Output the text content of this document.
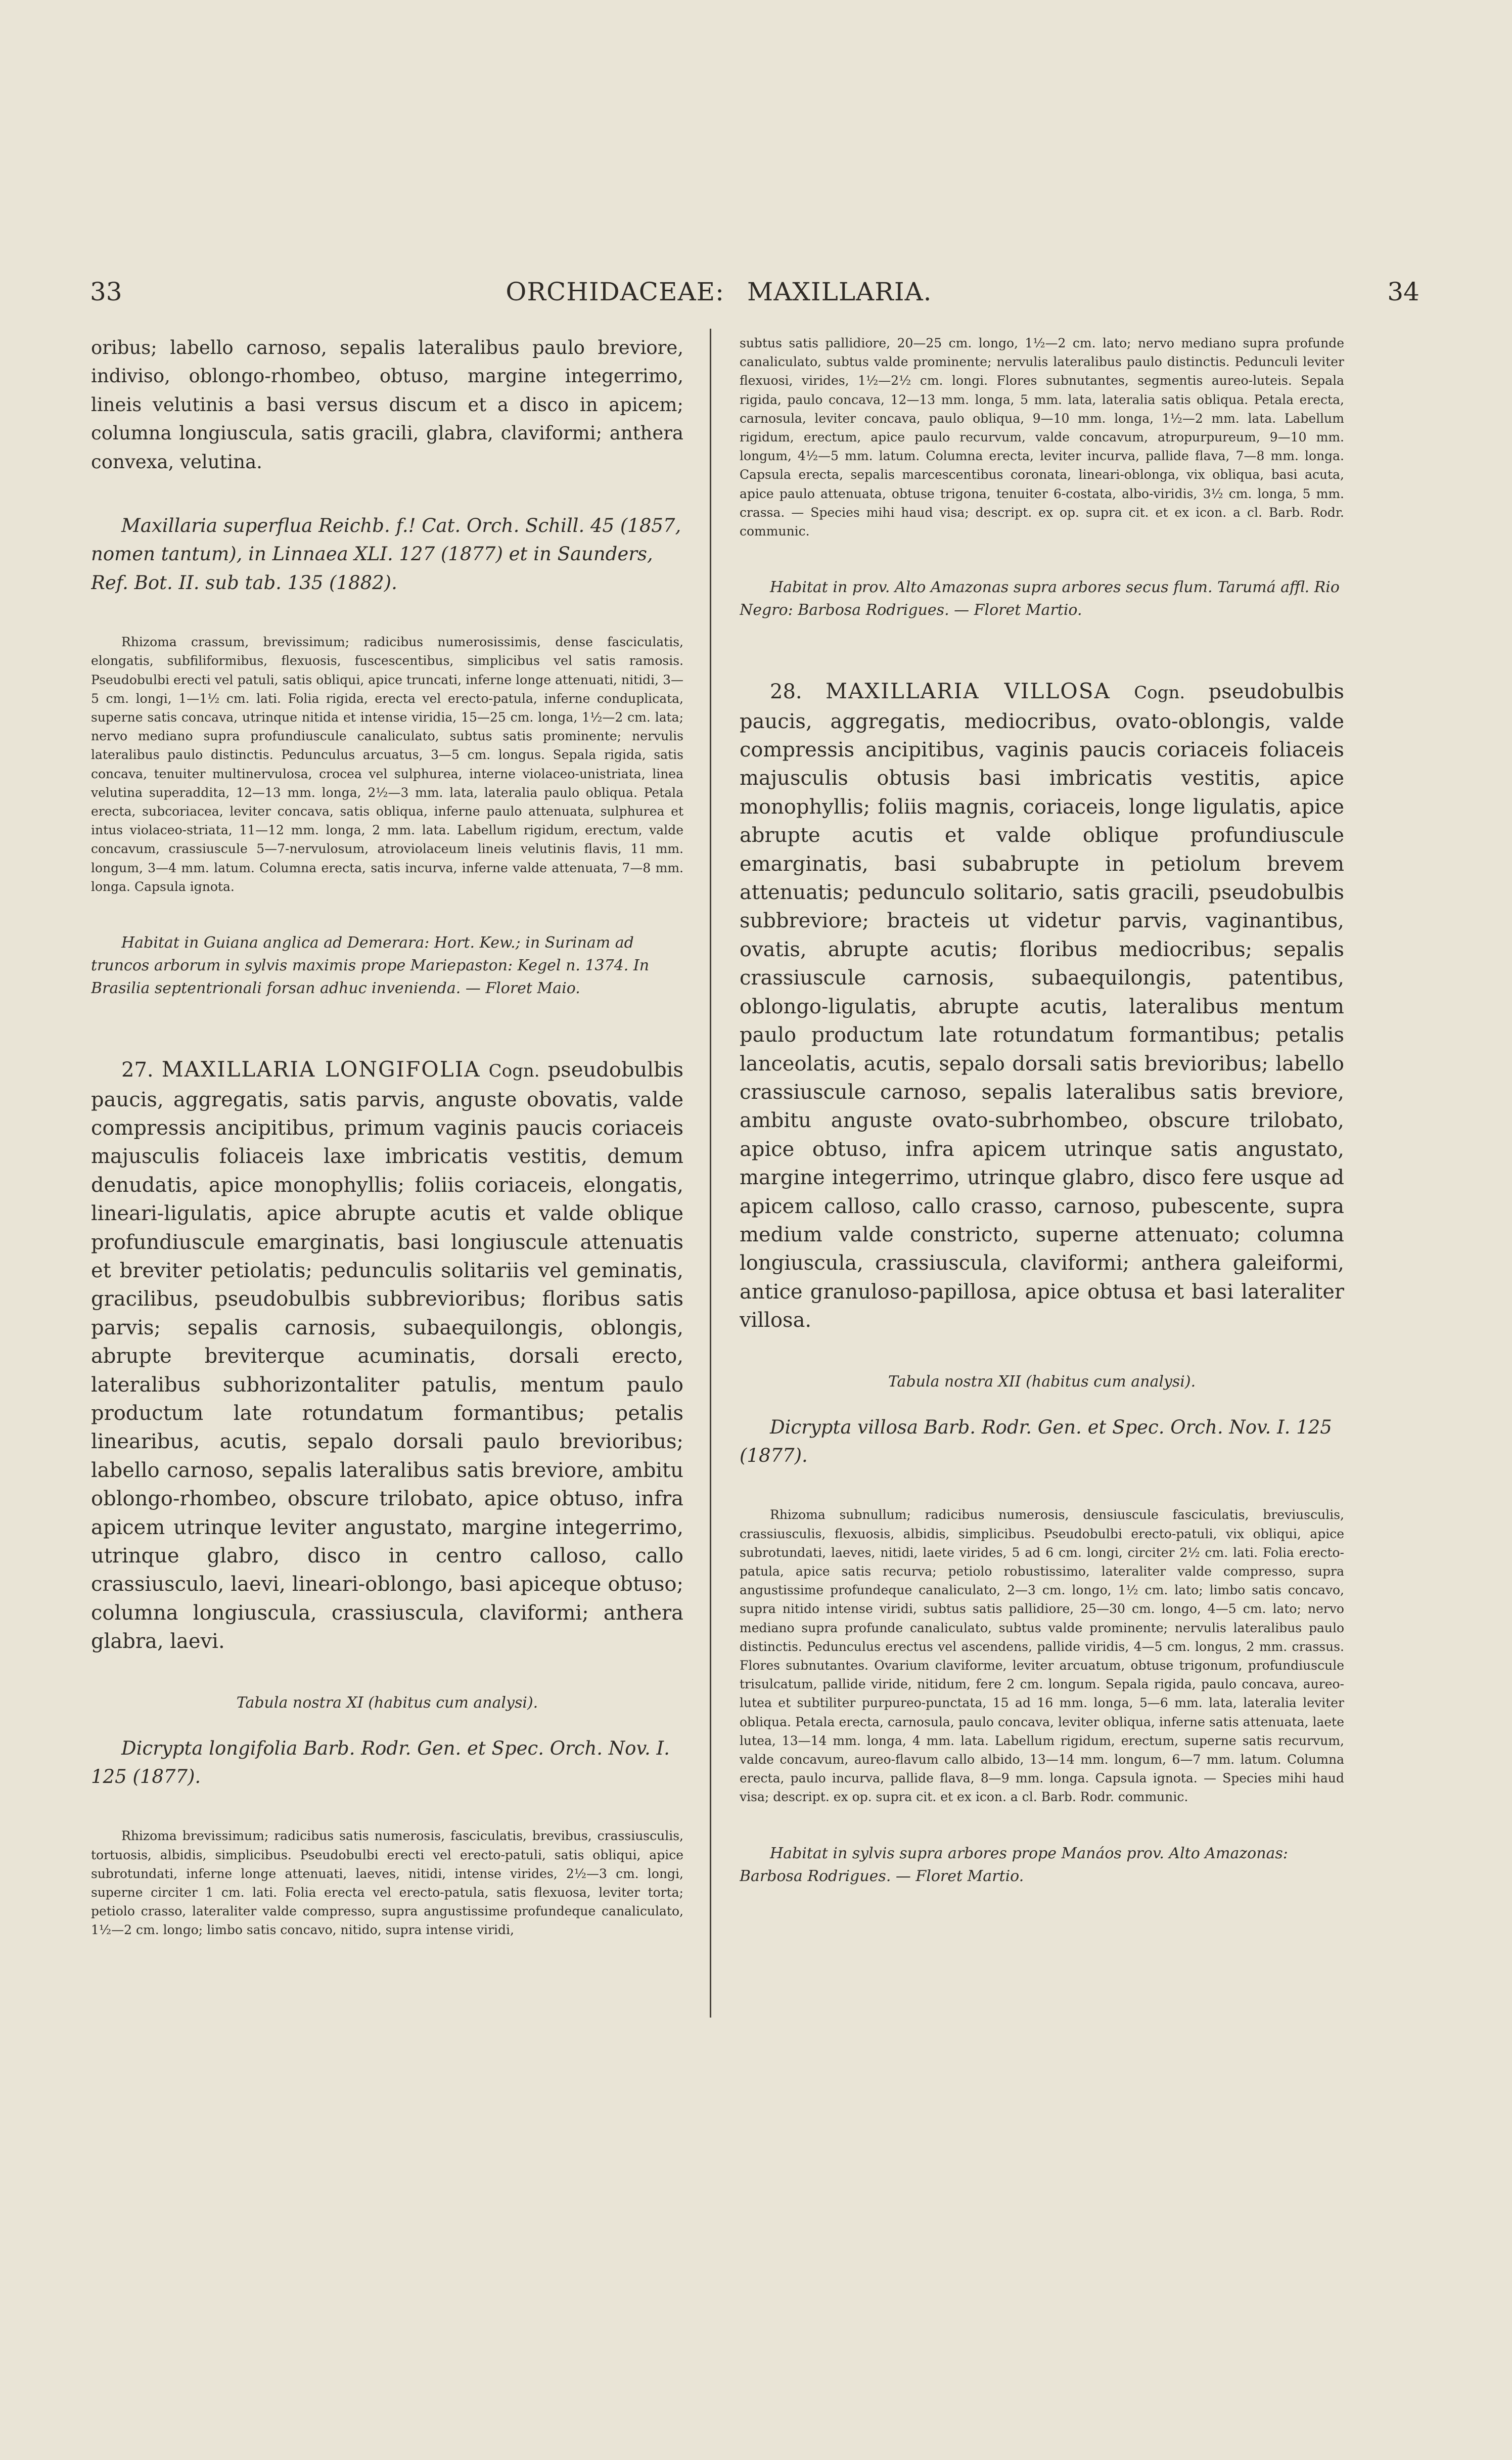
33	ORCHIDACEAE: MAXILLARIA.	34

oribus; labello carnoso, sepalis lateralibus paulo breviore, indiviso, oblongo-rhombeo, obtuso, margine integerrimo, lineis velutinis a basi versus discum et a disco in apicem; columna longiuscula, satis gracili, glabra, claviformi; anthera convexa, velutina.

Maxillaria superflua Reichb. f.! Cat. Orch. Schill. 45 (1857, nomen tantum), in Linnaea XLI. 127 (1877) et in Saunders, Ref. Bot. II. sub tab. 135 (1882).

Rhizoma crassum, brevissimum; radicibus numerosissimis, dense fasciculatis, elongatis, subfiliformibus, flexuosis, fuscescentibus, simplicibus vel satis ramosis. Pseudobulbi erecti vel patuli, satis obliqui, apice truncati, inferne longe attenuati, nitidi, 3—5 cm. longi, 1—1½ cm. lati. Folia rigida, erecta vel erecto-patula, inferne conduplicata, superne satis concava, utrinque nitida et intense viridia, 15—25 cm. longa, 1½—2 cm. lata; nervo mediano supra profundiuscule canaliculato, subtus satis prominente; nervulis lateralibus paulo distinctis. Pedunculus arcuatus, 3—5 cm. longus. Sepala rigida, satis concava, tenuiter multinervulosa, crocea vel sulphurea, interne violaceo-unistriata, linea velutina superaddita, 12—13 mm. longa, 2½—3 mm. lata, lateralia paulo obliqua. Petala erecta, subcoriacea, leviter concava, satis obliqua, inferne paulo attenuata, sulphurea et intus violaceo-striata, 11—12 mm. longa, 2 mm. lata. Labellum rigidum, erectum, valde concavum, crassiuscule 5—7-nervulosum, atroviolaceum lineis velutinis flavis, 11 mm. longum, 3—4 mm. latum. Columna erecta, satis incurva, inferne valde attenuata, 7—8 mm. longa. Capsula ignota.

Habitat in Guiana anglica ad Demerara: Hort. Kew.; in Surinam ad truncos arborum in sylvis maximis prope Mariepaston: Kegel n. 1374. In Brasilia septentrionali forsan adhuc invenienda. — Floret Maio.

27. MAXILLARIA LONGIFOLIA Cogn. pseudobulbis paucis, aggregatis, satis parvis, anguste obovatis, valde compressis ancipitibus, primum vaginis paucis coriaceis majusculis foliaceis laxe imbricatis vestitis, demum denudatis, apice monophyllis; foliis coriaceis, elongatis, lineari-ligulatis, apice abrupte acutis et valde oblique profundiuscule emarginatis, basi longiuscule attenuatis et breviter petiolatis; pedunculis solitariis vel geminatis, gracilibus, pseudobulbis subbrevioribus; floribus satis parvis; sepalis carnosis, subaequilongis, oblongis, abrupte breviterque acuminatis, dorsali erecto, lateralibus subhorizontaliter patulis, mentum paulo productum late rotundatum formantibus; petalis linearibus, acutis, sepalo dorsali paulo brevioribus; labello carnoso, sepalis lateralibus satis breviore, ambitu oblongo-rhombeo, obscure trilobato, apice obtuso, infra apicem utrinque leviter angustato, margine integerrimo, utrinque glabro, disco in centro calloso, callo crassiusculo, laevi, lineari-oblongo, basi apiceque obtuso; columna longiuscula, crassiuscula, claviformi; anthera glabra, laevi.

Tabula nostra XI (habitus cum analysi).

Dicrypta longifolia Barb. Rodr. Gen. et Spec. Orch. Nov. I. 125 (1877).

Rhizoma brevissimum; radicibus satis numerosis, fasciculatis, brevibus, crassiusculis, tortuosis, albidis, simplicibus. Pseudobulbi erecti vel erecto-patuli, satis obliqui, apice subrotundati, inferne longe attenuati, laeves, nitidi, intense virides, 2½—3 cm. longi, superne circiter 1 cm. lati. Folia erecta vel erecto-patula, satis flexuosa, leviter torta; petiolo crasso, lateraliter valde compresso, supra angustissime profundeque canaliculato, 1½—2 cm. longo; limbo satis concavo, nitido, supra intense viridi,

subtus satis pallidiore, 20—25 cm. longo, 1½—2 cm. lato; nervo mediano supra profunde canaliculato, subtus valde prominente; nervulis lateralibus paulo distinctis. Pedunculi leviter flexuosi, virides, 1½—2½ cm. longi. Flores subnutantes, segmentis aureo-luteis. Sepala rigida, paulo concava, 12—13 mm. longa, 5 mm. lata, lateralia satis obliqua. Petala erecta, carnosula, leviter concava, paulo obliqua, 9—10 mm. longa, 1½—2 mm. lata. Labellum rigidum, erectum, apice paulo recurvum, valde concavum, atropurpureum, 9—10 mm. longum, 4½—5 mm. latum. Columna erecta, leviter incurva, pallide flava, 7—8 mm. longa. Capsula erecta, sepalis marcescentibus coronata, lineari-oblonga, vix obliqua, basi acuta, apice paulo attenuata, obtuse trigona, tenuiter 6-costata, albo-viridis, 3½ cm. longa, 5 mm. crassa. — Species mihi haud visa; descript. ex op. supra cit. et ex icon. a cl. Barb. Rodr. communic.

Habitat in prov. Alto Amazonas supra arbores secus flum. Tarumá affl. Rio Negro: Barbosa Rodrigues. — Floret Martio.

28. MAXILLARIA VILLOSA Cogn. pseudobulbis paucis, aggregatis, mediocribus, ovato-oblongis, valde compressis ancipitibus, vaginis paucis coriaceis foliaceis majusculis obtusis basi imbricatis vestitis, apice monophyllis; foliis magnis, coriaceis, longe ligulatis, apice abrupte acutis et valde oblique profundiuscule emarginatis, basi subabrupte in petiolum brevem attenuatis; pedunculo solitario, satis gracili, pseudobulbis subbreviore; bracteis ut videtur parvis, vaginantibus, ovatis, abrupte acutis; floribus mediocribus; sepalis crassiuscule carnosis, subaequilongis, patentibus, oblongo-ligulatis, abrupte acutis, lateralibus mentum paulo productum late rotundatum formantibus; petalis lanceolatis, acutis, sepalo dorsali satis brevioribus; labello crassiuscule carnoso, sepalis lateralibus satis breviore, ambitu anguste ovato-subrhombeo, obscure trilobato, apice obtuso, infra apicem utrinque satis angustato, margine integerrimo, utrinque glabro, disco fere usque ad apicem calloso, callo crasso, carnoso, pubescente, supra medium valde constricto, superne attenuato; columna longiuscula, crassiuscula, claviformi; anthera galeiformi, antice granuloso-papillosa, apice obtusa et basi lateraliter villosa.

Tabula nostra XII (habitus cum analysi).

Dicrypta villosa Barb. Rodr. Gen. et Spec. Orch. Nov. I. 125 (1877).

Rhizoma subnullum; radicibus numerosis, densiuscule fasciculatis, breviusculis, crassiusculis, flexuosis, albidis, simplicibus. Pseudobulbi erecto-patuli, vix obliqui, apice subrotundati, laeves, nitidi, laete virides, 5 ad 6 cm. longi, circiter 2½ cm. lati. Folia erecto-patula, apice satis recurva; petiolo robustissimo, lateraliter valde compresso, supra angustissime profundeque canaliculato, 2—3 cm. longo, 1½ cm. lato; limbo satis concavo, supra nitido intense viridi, subtus satis pallidiore, 25—30 cm. longo, 4—5 cm. lato; nervo mediano supra profunde canaliculato, subtus valde prominente; nervulis lateralibus paulo distinctis. Pedunculus erectus vel ascendens, pallide viridis, 4—5 cm. longus, 2 mm. crassus. Flores subnutantes. Ovarium claviforme, leviter arcuatum, obtuse trigonum, profundiuscule trisulcatum, pallide viride, nitidum, fere 2 cm. longum. Sepala rigida, paulo concava, aureo-lutea et subtiliter purpureo-punctata, 15 ad 16 mm. longa, 5—6 mm. lata, lateralia leviter obliqua. Petala erecta, carnosula, paulo concava, leviter obliqua, inferne satis attenuata, laete lutea, 13—14 mm. longa, 4 mm. lata. Labellum rigidum, erectum, superne satis recurvum, valde concavum, aureo-flavum callo albido, 13—14 mm. longum, 6—7 mm. latum. Columna erecta, paulo incurva, pallide flava, 8—9 mm. longa. Capsula ignota. — Species mihi haud visa; descript. ex op. supra cit. et ex icon. a cl. Barb. Rodr. communic.

Habitat in sylvis supra arbores prope Manáos prov. Alto Amazonas: Barbosa Rodrigues. — Floret Martio.
